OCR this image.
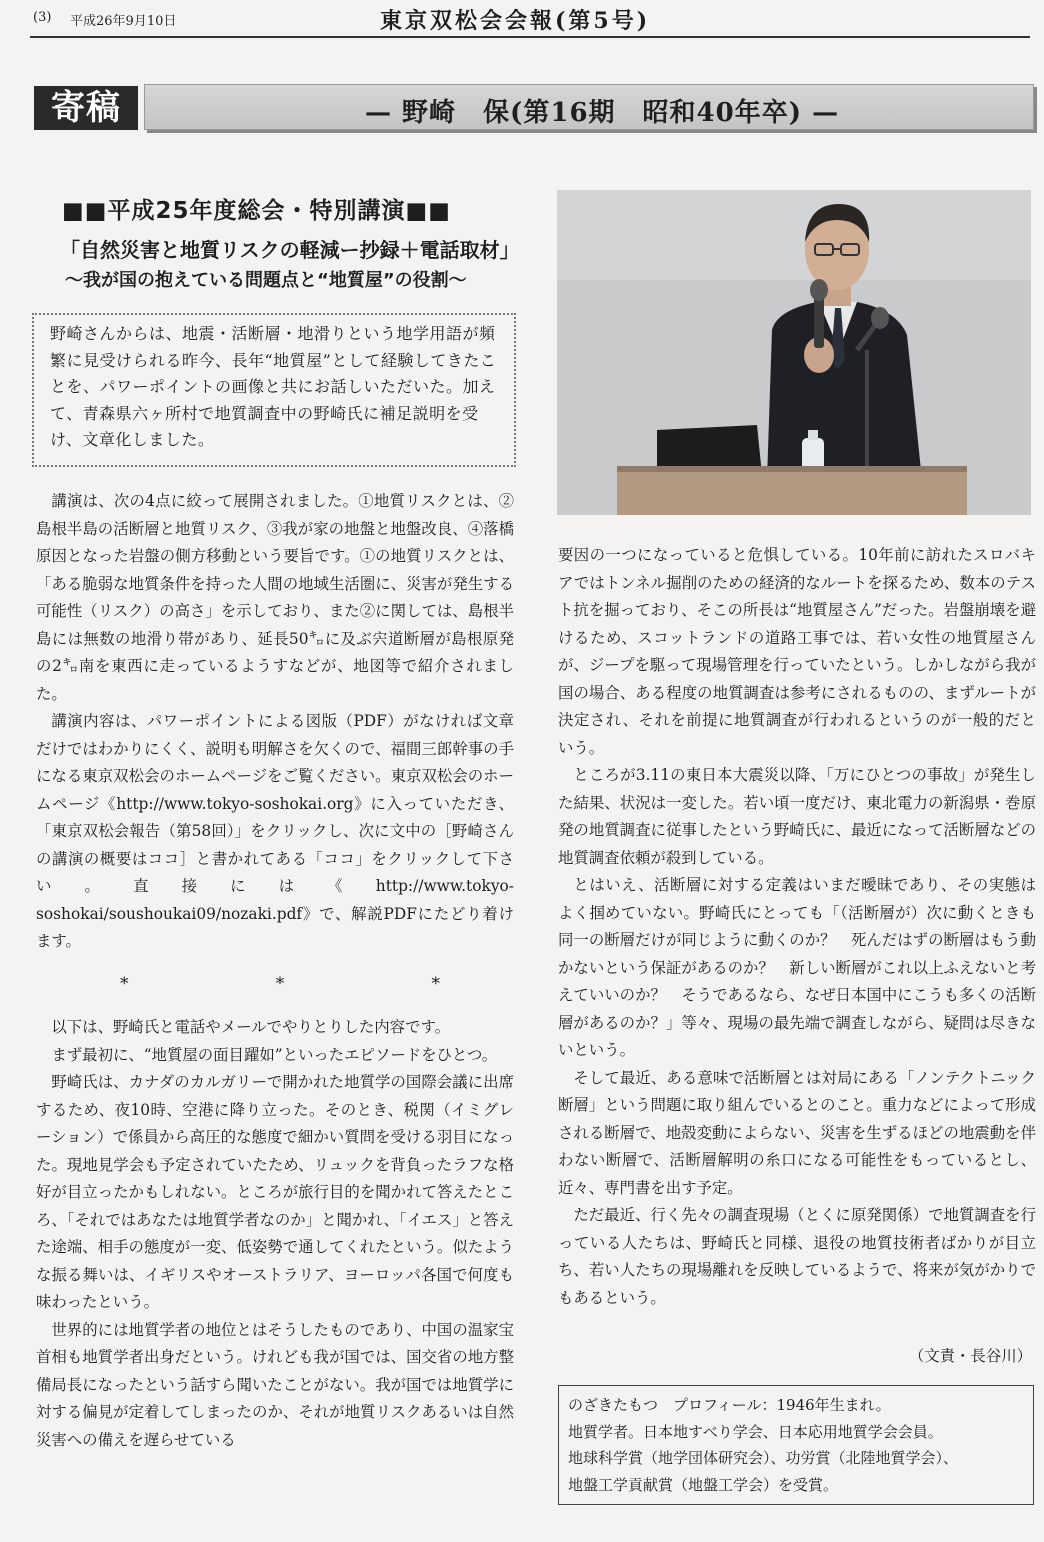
(3) 平成26年9月10日	東京双松会会報(第5号)
寄稿	— 野崎　保(第16期　昭和40年卒) —
■■平成25年度総会・特別講演■■
「自然災害と地質リスクの軽減ー抄録＋電話取材」
〜我が国の抱えている問題点と“地質屋”の役割〜
野崎さんからは、地震・活断層・地滑りという地学用語が頻繁に見受けられる昨今、長年“地質屋”として経験してきたことを、パワーポイントの画像と共にお話しいただいた。加えて、青森県六ヶ所村で地質調査中の野崎氏に補足説明を受け、文章化しました。

講演は、次の4点に絞って展開されました。①地質リスクとは、②島根半島の活断層と地質リスク、③我が家の地盤と地盤改良、④落橋原因となった岩盤の側方移動という要旨です。①の地質リスクとは、「ある脆弱な地質条件を持った人間の地域生活圏に、災害が発生する可能性（リスク）の高さ」を示しており、また②に関しては、島根半島には無数の地滑り帯があり、延長50㌔に及ぶ宍道断層が島根原発の2㌔南を東西に走っているようすなどが、地図等で紹介されました。

講演内容は、パワーポイントによる図版（PDF）がなければ文章だけではわかりにくく、説明も明解さを欠くので、福間三郎幹事の手になる東京双松会のホームページをご覧ください。東京双松会のホームページ《http://www.tokyo-soshokai.org》に入っていただき、「東京双松会報告（第58回）」をクリックし、次に文中の［野崎さんの講演の概要はココ］と書かれてある「ココ」をクリックして下さい。直接には《http://www.tokyo-soshokai/soushoukai09/nozaki.pdf》で、解説PDFにたどり着けます。

*	*	*

以下は、野崎氏と電話やメールでやりとりした内容です。

まず最初に、“地質屋の面目躍如”といったエピソードをひとつ。

野崎氏は、カナダのカルガリーで開かれた地質学の国際会議に出席するため、夜10時、空港に降り立った。そのとき、税関（イミグレーション）で係員から高圧的な態度で細かい質問を受ける羽目になった。現地見学会も予定されていたため、リュックを背負ったラフな格好が目立ったかもしれない。ところが旅行目的を聞かれて答えたところ、「それではあなたは地質学者なのか」と聞かれ、「イエス」と答えた途端、相手の態度が一変、低姿勢で通してくれたという。似たような振る舞いは、イギリスやオーストラリア、ヨーロッパ各国で何度も味わったという。

世界的には地質学者の地位とはそうしたものであり、中国の温家宝首相も地質学者出身だという。けれども我が国では、国交省の地方整備局長になったという話すら聞いたことがない。我が国では地質学に対する偏見が定着してしまったのか、それが地質リスクあるいは自然災害への備えを遅らせている

要因の一つになっていると危惧している。10年前に訪れたスロバキアではトンネル掘削のための経済的なルートを探るため、数本のテスト抗を掘っており、そこの所長は“地質屋さん”だった。岩盤崩壊を避けるため、スコットランドの道路工事では、若い女性の地質屋さんが、ジープを駆って現場管理を行っていたという。しかしながら我が国の場合、ある程度の地質調査は参考にされるものの、まずルートが決定され、それを前提に地質調査が行われるというのが一般的だという。

ところが3.11の東日本大震災以降、「万にひとつの事故」が発生した結果、状況は一変した。若い頃一度だけ、東北電力の新潟県・巻原発の地質調査に従事したという野崎氏に、最近になって活断層などの地質調査依頼が殺到している。

とはいえ、活断層に対する定義はいまだ曖昧であり、その実態はよく掴めていない。野崎氏にとっても「（活断層が）次に動くときも同一の断層だけが同じように動くのか？　死んだはずの断層はもう動かないという保証があるのか？　新しい断層がこれ以上ふえないと考えていいのか？　そうであるなら、なぜ日本国中にこうも多くの活断層があるのか？」等々、現場の最先端で調査しながら、疑問は尽きないという。

そして最近、ある意味で活断層とは対局にある「ノンテクトニック断層」という問題に取り組んでいるとのこと。重力などによって形成される断層で、地殻変動によらない、災害を生ずるほどの地震動を伴わない断層で、活断層解明の糸口になる可能性をもっているとし、近々、専門書を出す予定。

ただ最近、行く先々の調査現場（とくに原発関係）で地質調査を行っている人たちは、野崎氏と同様、退役の地質技術者ばかりが目立ち、若い人たちの現場離れを反映しているようで、将来が気がかりでもあるという。

（文責・長谷川）
のざきたもつ　プロフィール：1946年生まれ。
地質学者。日本地すべり学会、日本応用地質学会会員。
地球科学賞（地学団体研究会）、功労賞（北陸地質学会）、
地盤工学貢献賞（地盤工学会）を受賞。
